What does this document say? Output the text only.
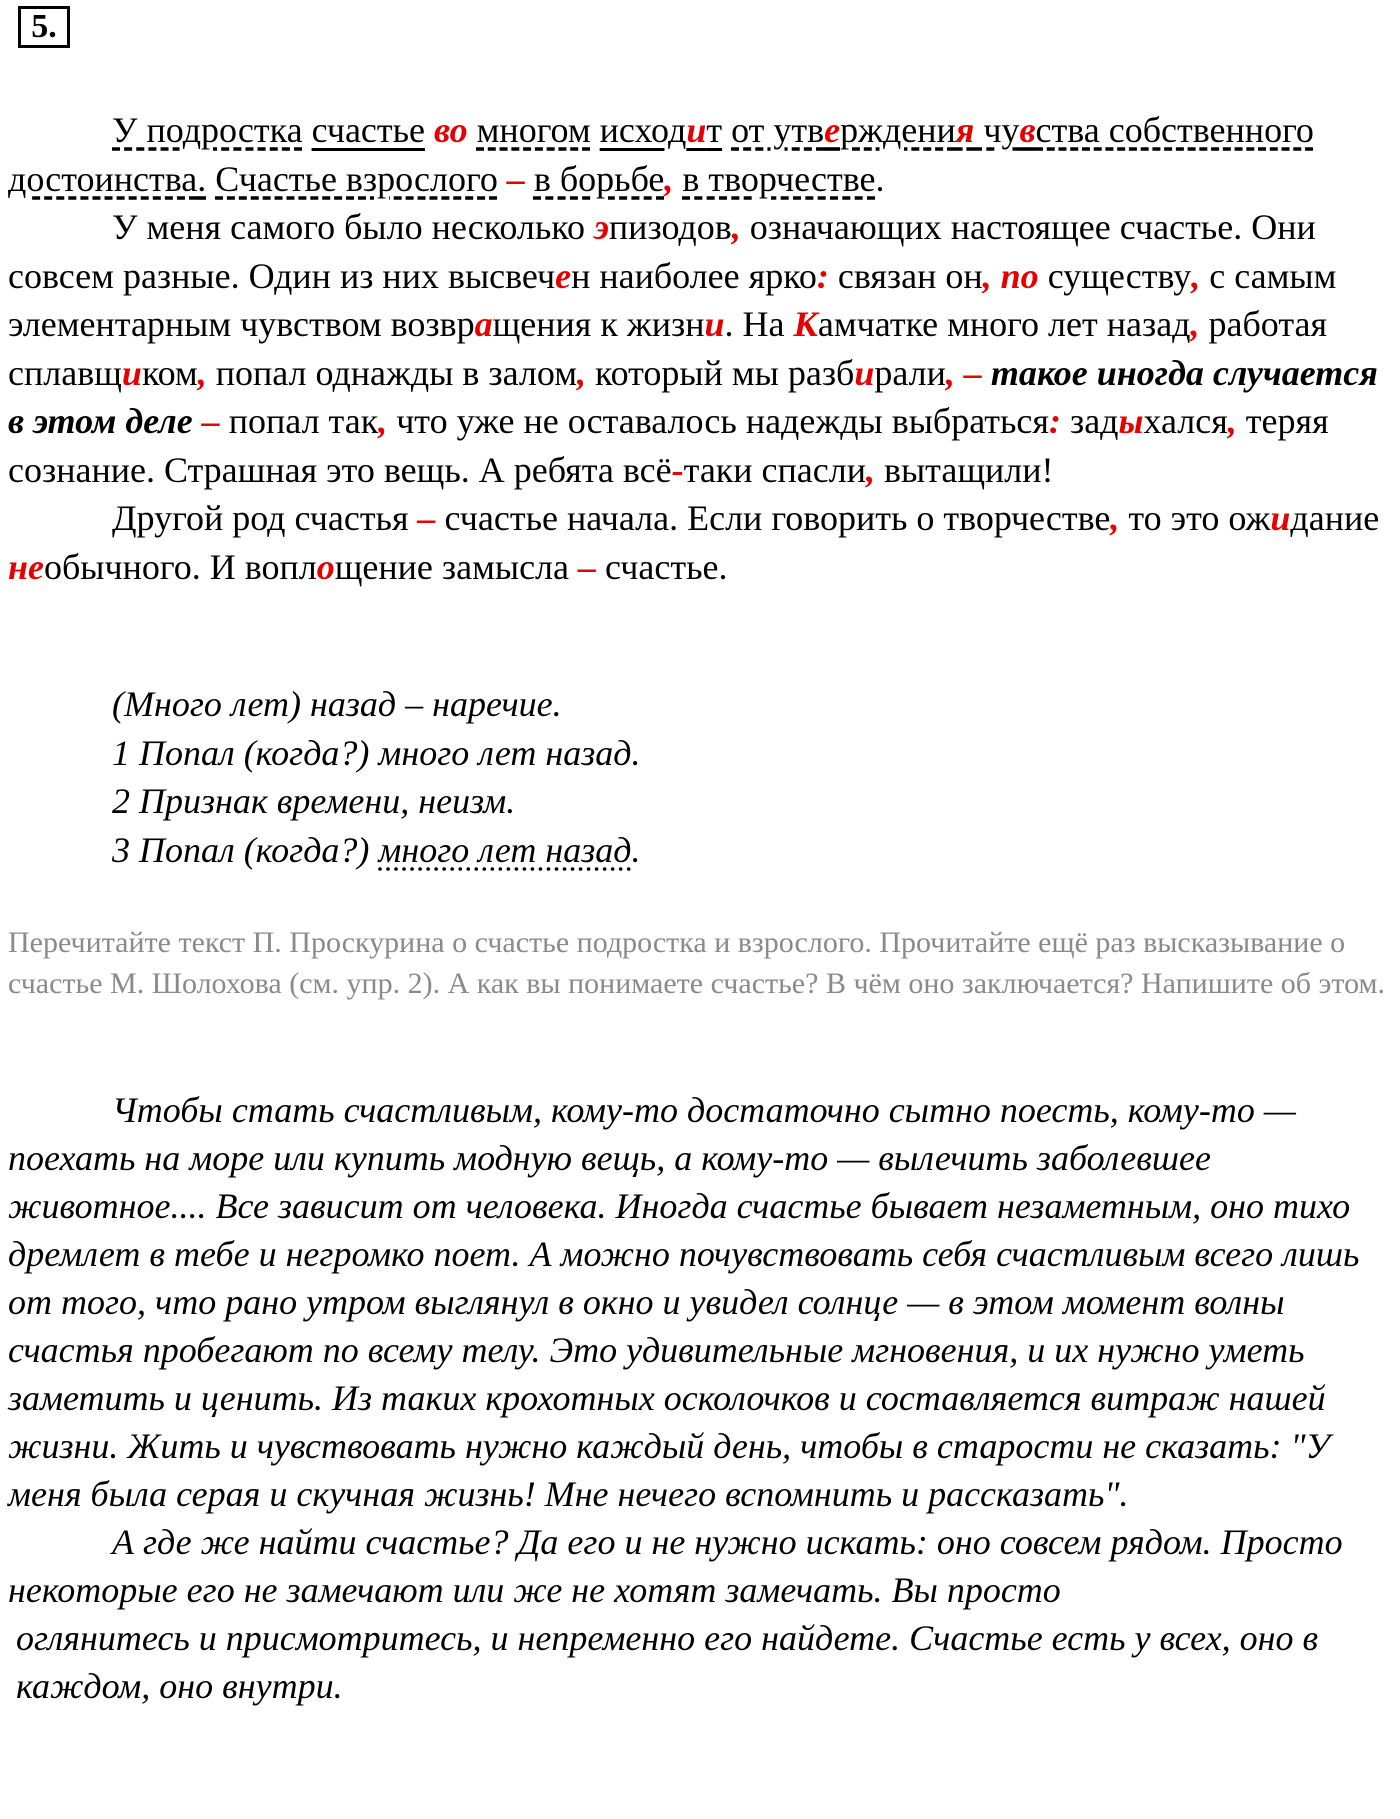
5.

У подростка счастье во многом исходит от утверждения чувства собственного достоинства. Счастье взрослого – в борьбе, в творчестве.

У меня самого было несколько эпизодов, означающих настоящее счастье. Они совсем разные. Один из них высвечен наиболее ярко: связан он, по существу, с самым элементарным чувством возвращения к жизни. На Камчатке много лет назад, работая сплавщиком, попал однажды в залом, который мы разбирали, – такое иногда случается в этом деле – попал так, что уже не оставалось надежды выбраться: задыхался, теряя сознание. Страшная это вещь. А ребята всё-таки спасли, вытащили!

Другой род счастья – счастье начала. Если говорить о творчестве, то это ожидание необычного. И воплощение замысла – счастье.

(Много лет) назад – наречие.
1 Попал (когда?) много лет назад.
2 Признак времени, неизм.
3 Попал (когда?) много лет назад.
Перечитайте текст П. Проскурина о счастье подростка и взрослого. Прочитайте ещё раз высказывание о счастье М. Шолохова (см. упр. 2). А как вы понимаете счастье? В чём оно заключается? Напишите об этом.

Чтобы стать счастливым, кому-то достаточно сытно поесть, кому-то — поехать на море или купить модную вещь, а кому-то — вылечить заболевшее животное.... Все зависит от человека. Иногда счастье бывает незаметным, оно тихо дремлет в тебе и негромко поет. А можно почувствовать себя счастливым всего лишь от того, что рано утром выглянул в окно и увидел солнце — в этом момент волны счастья пробегают по всему телу. Это удивительные мгновения, и их нужно уметь заметить и ценить. Из таких крохотных осколочков и составляется витраж нашей жизни. Жить и чувствовать нужно каждый день, чтобы в старости не сказать: "У меня была серая и скучная жизнь! Мне нечего вспомнить и рассказать".

А где же найти счастье? Да его и не нужно искать: оно совсем рядом. Просто некоторые его не замечают или же не хотят замечать. Вы просто

оглянитесь и присмотритесь, и непременно его найдете. Счастье есть у всех, оно в каждом, оно внутри.
